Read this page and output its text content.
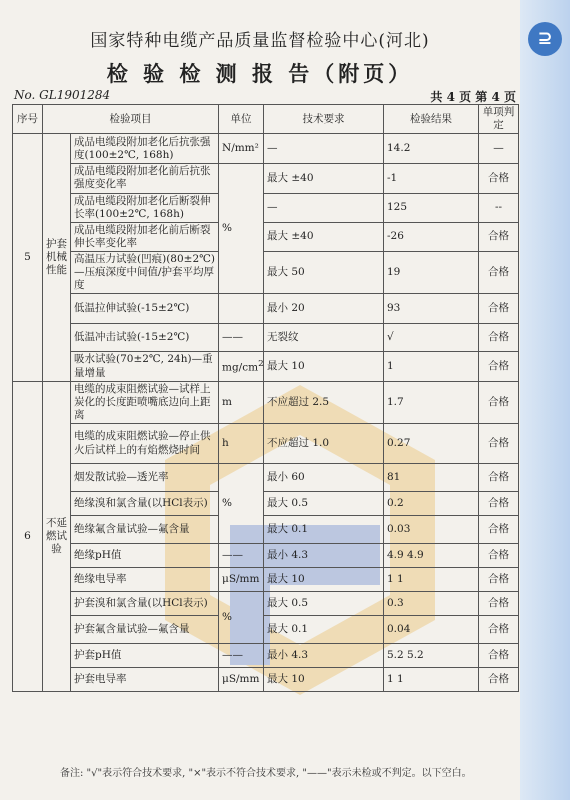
⊇
国家特种电缆产品质量监督检验中心(河北)
检 验 检 测 报 告（附页）
No. GL1901284	共 4 页 第 4 页
序号	检验项目		单位	技术要求	检验结果	单项判定
5	护套机械性能	成品电缆段附加老化后抗张强度(100±2℃, 168h)	N/mm²	—	14.2	—
		成品电缆段附加老化前后抗张强度变化率	%	最大 ±40	-1	合格
		成品电缆段附加老化后断裂伸长率(100±2℃, 168h)		—	125	--
		成品电缆段附加老化前后断裂伸长率变化率		最大 ±40	-26	合格
		高温压力试验(凹痕)(80±2℃)—压痕深度中间值/护套平均厚度		最大 50	19	合格
		低温拉伸试验(-15±2℃)		最小 20	93	合格
		低温冲击试验(-15±2℃)	——	无裂纹	√	合格
		吸水试验(70±2℃, 24h)—重量增量	$mg/cm^2$	最大 10	1	合格

6	不延燃试验	电缆的成束阻燃试验—试样上炭化的长度距喷嘴底边向上距离	m	不应超过 2.5	1.7	合格
		电缆的成束阻燃试验—停止供火后试样上的有焰燃烧时间	h	不应超过 1.0	0.27	合格
		烟发散试验—透光率	%	最小 60	81	合格
		绝缘溴和氯含量(以HCl表示)		最大 0.5	0.2	合格
		绝缘氟含量试验—氟含量		最大 0.1	0.03	合格
		绝缘pH值	——	最小 4.3	4.9 4.9	合格
		绝缘电导率	μS/mm	最大 10	1 1	合格
		护套溴和氯含量(以HCl表示)	%	最大 0.5	0.3	合格
		护套氟含量试验—氟含量		最大 0.1	0.04	合格
		护套pH值	——	最小 4.3	5.2 5.2	合格
		护套电导率	μS/mm	最大 10	1 1	合格
备注: "√"表示符合技术要求, "×"表示不符合技术要求, "——"表示未检或不判定。以下空白。
